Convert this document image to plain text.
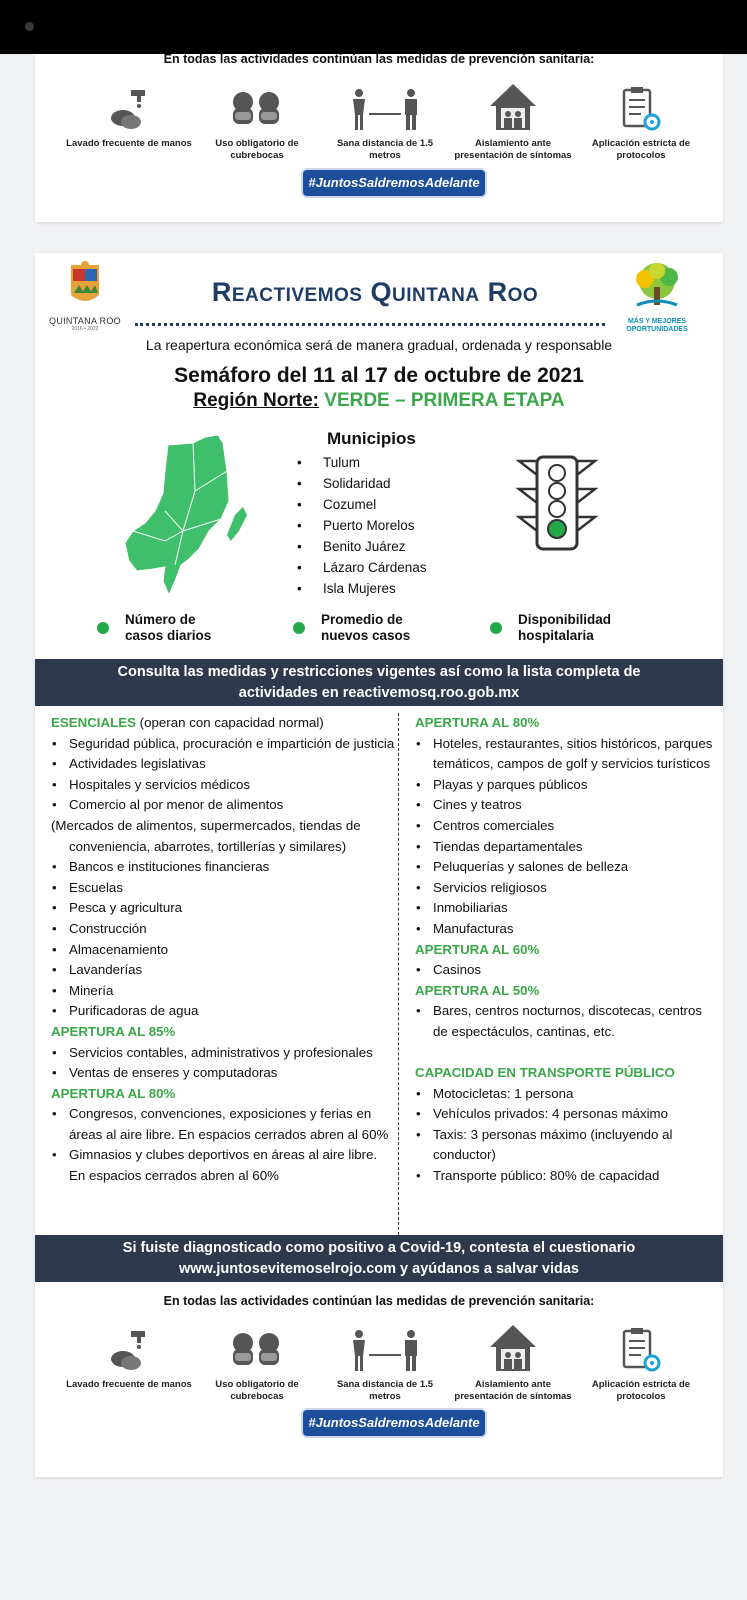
En todas las actividades continúan las medidas de prevención sanitaria:
Lavado frecuente de manos	Uso obligatorio de cubrebocas
Sana distancia de 1.5 metros
Aislamiento ante presentación de síntomas
Aplicación estricta de protocolos
#JuntosSaldremosAdelante
QUINTANA ROO
2016 • 2022
Reactivemos Quintana Roo
MÁS Y MEJORES
OPORTUNIDADES
La reapertura económica será de manera gradual, ordenada y responsable
Semáforo del 11 al 17 de octubre de 2021
Región Norte: VERDE – PRIMERA ETAPA
Municipios
• Tulum
• Solidaridad
• Cozumel
• Puerto Morelos
• Benito Juárez
• Lázaro Cárdenas
• Isla Mujeres
Número de
casos diarios
Promedio de
nuevos casos
Disponibilidad
hospitalaria
Consulta las medidas y restricciones vigentes así como la lista completa de
actividades en reactivemosq.roo.gob.mx
ESENCIALES (operan con capacidad normal)
• Seguridad pública, procuración e impartición de justicia
• Actividades legislativas
• Hospitales y servicios médicos
• Comercio al por menor de alimentos
(Mercados de alimentos, supermercados, tiendas de conveniencia, abarrotes, tortillerías y similares)
• Bancos e instituciones financieras
• Escuelas
• Pesca y agricultura
• Construcción
• Almacenamiento
• Lavanderías
• Minería
• Purificadoras de agua
APERTURA AL 85%
• Servicios contables, administrativos y profesionales
• Ventas de enseres y computadoras
APERTURA AL 80%
• Congresos, convenciones, exposiciones y ferias en áreas al aire libre. En espacios cerrados abren al 60%
• Gimnasios y clubes deportivos en áreas al aire libre. En espacios cerrados abren al 60%
APERTURA AL 80%
• Hoteles, restaurantes, sitios históricos, parques temáticos, campos de golf y servicios turísticos
• Playas y parques públicos
• Cines y teatros
• Centros comerciales
• Tiendas departamentales
• Peluquerías y salones de belleza
• Servicios religiosos
• Inmobiliarias
• Manufacturas
APERTURA AL 60%
• Casinos
APERTURA AL 50%
• Bares, centros nocturnos, discotecas, centros de espectáculos, cantinas, etc.
CAPACIDAD EN TRANSPORTE PÚBLICO
• Motocicletas: 1 persona
• Vehículos privados: 4 personas máximo
• Taxis: 3 personas máximo (incluyendo al conductor)
• Transporte público: 80% de capacidad
Si fuiste diagnosticado como positivo a Covid-19, contesta el cuestionario
www.juntosevitemoselrojo.com y ayúdanos a salvar vidas
En todas las actividades continúan las medidas de prevención sanitaria:
Lavado frecuente de manos	Uso obligatorio de cubrebocas
Sana distancia de 1.5 metros
Aislamiento ante presentación de síntomas
Aplicación estricta de protocolos
#JuntosSaldremosAdelante
